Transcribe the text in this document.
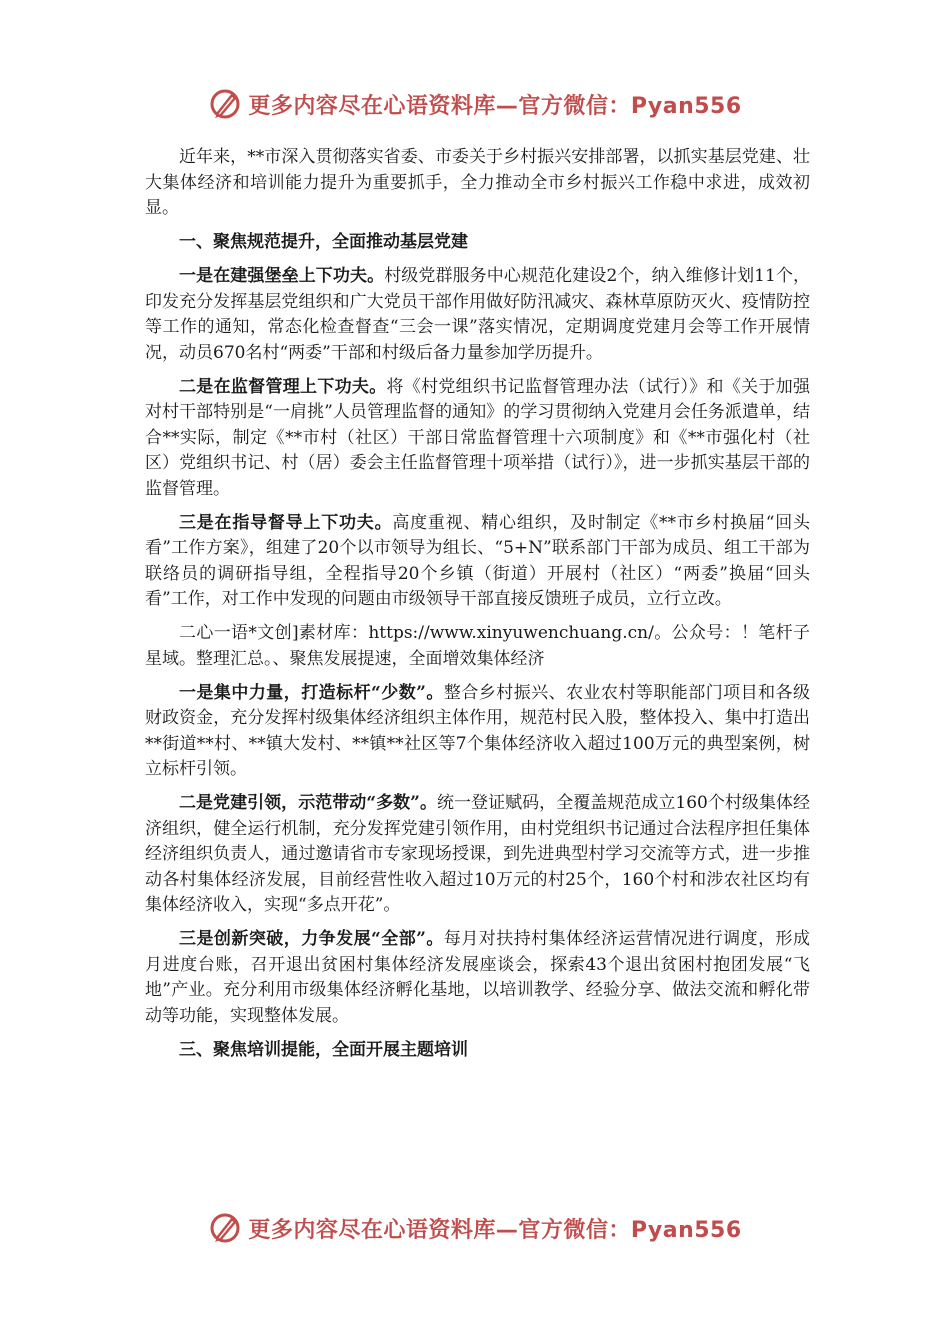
更多内容尽在心语资料库—官方微信：Pyan556

近年来，**市深入贯彻落实省委、市委关于乡村振兴安排部署，以抓实基层党建、壮大集体经济和培训能力提升为重要抓手，全力推动全市乡村振兴工作稳中求进，成效初显。

一、聚焦规范提升，全面推动基层党建

一是在建强堡垒上下功夫。村级党群服务中心规范化建设2个，纳入维修计划11个，印发充分发挥基层党组织和广大党员干部作用做好防汛减灾、森林草原防灭火、疫情防控等工作的通知，常态化检查督查“三会一课”落实情况，定期调度党建月会等工作开展情况，动员670名村“两委”干部和村级后备力量参加学历提升。

二是在监督管理上下功夫。将《村党组织书记监督管理办法（试行）》和《关于加强对村干部特别是“一肩挑”人员管理监督的通知》的学习贯彻纳入党建月会任务派遣单，结合**实际，制定《**市村（社区）干部日常监督管理十六项制度》和《**市强化村（社区）党组织书记、村（居）委会主任监督管理十项举措（试行）》，进一步抓实基层干部的监督管理。

三是在指导督导上下功夫。高度重视、精心组织，及时制定《**市乡村换届“回头看”工作方案》，组建了20个以市领导为组长、“5+N”联系部门干部为成员、组工干部为联络员的调研指导组，全程指导20个乡镇（街道）开展村（社区）“两委”换届“回头看”工作，对工作中发现的问题由市级领导干部直接反馈班子成员，立行立改。

二心一语*文创]素材库：https://www.xinyuwenchuang.cn/。公众号：！笔杆子星域。整理汇总。、聚焦发展提速，全面增效集体经济

一是集中力量，打造标杆“少数”。整合乡村振兴、农业农村等职能部门项目和各级财政资金，充分发挥村级集体经济组织主体作用，规范村民入股，整体投入、集中打造出**街道**村、**镇大发村、**镇**社区等7个集体经济收入超过100万元的典型案例，树立标杆引领。

二是党建引领，示范带动“多数”。统一登证赋码，全覆盖规范成立160个村级集体经济组织，健全运行机制，充分发挥党建引领作用，由村党组织书记通过合法程序担任集体经济组织负责人，通过邀请省市专家现场授课，到先进典型村学习交流等方式，进一步推动各村集体经济发展，目前经营性收入超过10万元的村25个，160个村和涉农社区均有集体经济收入，实现“多点开花”。

三是创新突破，力争发展“全部”。每月对扶持村集体经济运营情况进行调度，形成月进度台账，召开退出贫困村集体经济发展座谈会，探索43个退出贫困村抱团发展“飞地”产业。充分利用市级集体经济孵化基地，以培训教学、经验分享、做法交流和孵化带动等功能，实现整体发展。

三、聚焦培训提能，全面开展主题培训

更多内容尽在心语资料库—官方微信：Pyan556
